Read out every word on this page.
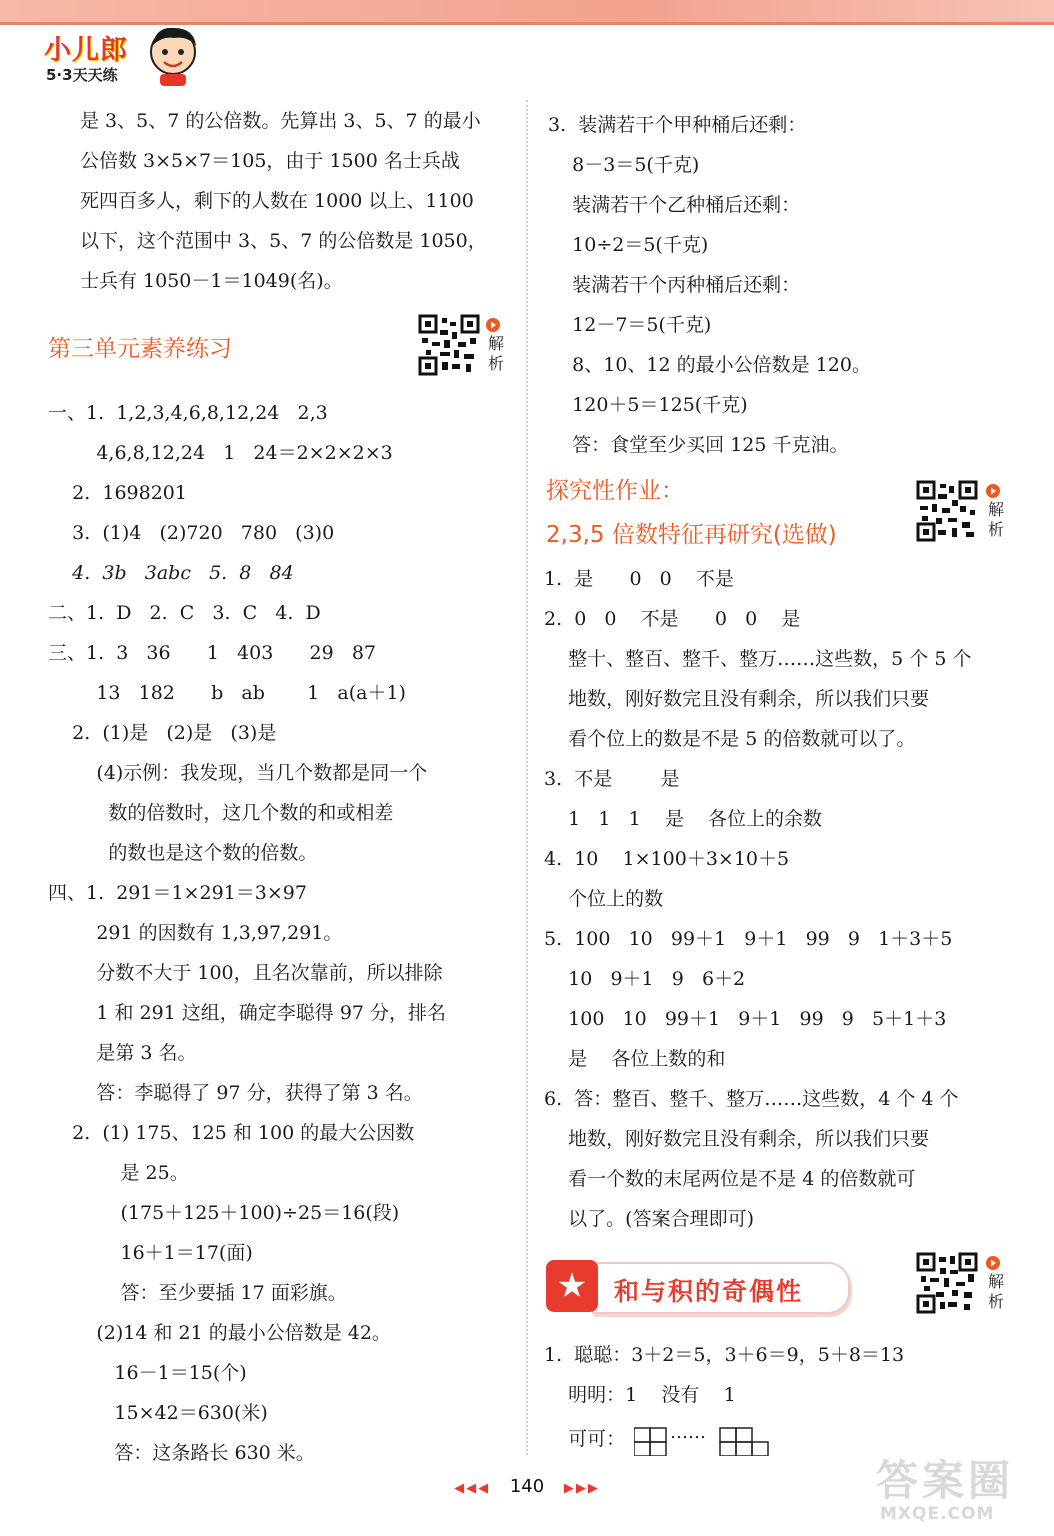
小儿郎
5·3天天练
是 3、5、7 的公倍数。先算出 3、5、7 的最小
公倍数 3×5×7＝105，由于 1500 名士兵战
死四百多人，剩下的人数在 1000 以上、1100
以下，这个范围中 3、5、7 的公倍数是 1050，
士兵有 1050－1＝1049(名)。
第三单元素养练习	解析
一、1.  1,2,3,4,6,8,12,24   2,3
4,6,8,12,24   1   24＝2×2×2×3
2.  1698201
3.  (1)4   (2)720   780   (3)0
4.  3b   3abc   5.  8   84
二、1.  D   2.  C   3.  C   4.  D
三、1.  3   36      1   403      29   87
13   182      b   ab       1   a(a＋1)
2.  (1)是   (2)是   (3)是
(4)示例：我发现，当几个数都是同一个
数的倍数时，这几个数的和或相差
的数也是这个数的倍数。
四、1.  291＝1×291＝3×97
291 的因数有 1,3,97,291。
分数不大于 100，且名次靠前，所以排除
1 和 291 这组，确定李聪得 97 分，排名
是第 3 名。
答：李聪得了 97 分，获得了第 3 名。
2.  (1) 175、125 和 100 的最大公因数
是 25。
(175＋125＋100)÷25＝16(段)
16＋1＝17(面)
答：至少要插 17 面彩旗。
(2)14 和 21 的最小公倍数是 42。
16－1＝15(个)
15×42＝630(米)
答：这条路长 630 米。
3.  装满若干个甲种桶后还剩：
8－3＝5(千克)
装满若干个乙种桶后还剩：
10÷2＝5(千克)
装满若干个丙种桶后还剩：
12－7＝5(千克)
8、10、12 的最小公倍数是 120。
120＋5＝125(千克)
答：食堂至少买回 125 千克油。
探究性作业：
2,3,5 倍数特征再研究(选做)
解析
1.  是      0   0    不是
2.  0   0    不是      0   0    是
整十、整百、整千、整万……这些数，5 个 5 个
地数，刚好数完且没有剩余，所以我们只要
看个位上的数是不是 5 的倍数就可以了。
3.  不是        是
1   1   1    是    各位上的余数
4.  10    1×100＋3×10＋5
个位上的数
5.  100   10   99＋1   9＋1   99   9   1＋3＋5
10   9＋1   9   6＋2
100   10   99＋1   9＋1   99   9   5＋1＋3
是    各位上数的和
6.  答：整百、整千、整万……这些数，4 个 4 个
地数，刚好数完且没有剩余，所以我们只要
看一个数的末尾两位是不是 4 的倍数就可
以了。(答案合理即可)
解析
1.  聪聪：3＋2＝5，3＋6＝9，5＋8＝13
明明：1    没有    1
可可： ……
和与积的奇偶性
★
◀◀◀ 140 ▶▶▶	答案圈
MXQE.COM
